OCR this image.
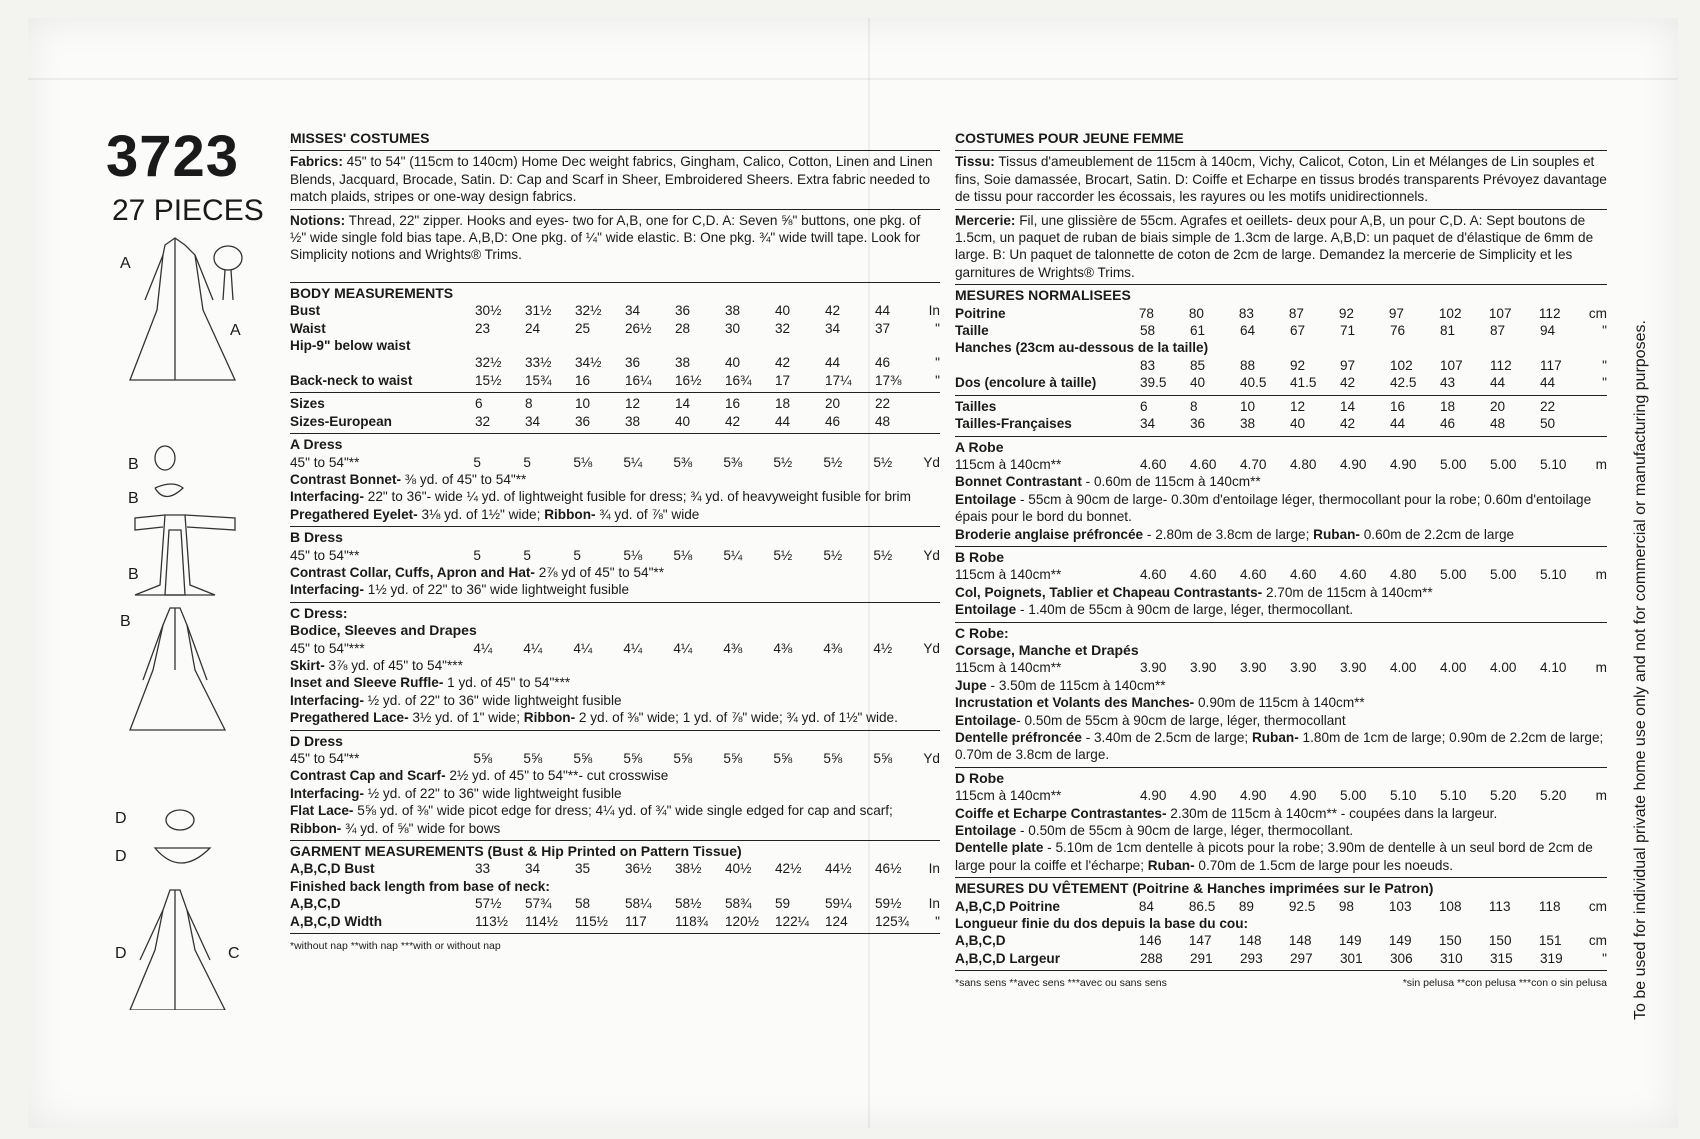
3723
27 PIECES
A
A
B
B
B
B
D
D
D	C
MISSES' COSTUMES

Fabrics: 45" to 54" (115cm to 140cm) Home Dec weight fabrics, Gingham, Calico, Cotton, Linen and Linen Blends, Jacquard, Brocade, Satin. D: Cap and Scarf in Sheer, Embroidered Sheers. Extra fabric needed to match plaids, stripes or one-way design fabrics.

Notions: Thread, 22" zipper. Hooks and eyes- two for A,B, one for C,D. A: Seven ⅝" buttons, one pkg. of ½" wide single fold bias tape. A,B,D: One pkg. of ¼" wide elastic. B: One pkg. ¾" wide twill tape. Look for Simplicity notions and Wrights® Trims.

BODY MEASUREMENTS
Bust	30½	31½	32½	34	36	38	40	42	44	In
Waist	23	24	25	26½	28	30	32	34	37	"
Hip-9" below waist
32½	33½	34½	36	38	40	42	44	46	"
Back-neck to waist	15½	15¾	16	16¼	16½	16¾	17	17¼	17⅜	"
Sizes	6	8	10	12	14	16	18	20	22
Sizes-European	32	34	36	38	40	42	44	46	48
A Dress
45" to 54"**	5	5	5⅛	5¼	5⅜	5⅜	5½	5½	5½	Yd
Contrast Bonnet- ⅜ yd. of 45" to 54"**
Interfacing- 22" to 36"- wide ¼ yd. of lightweight fusible for dress; ¾ yd. of heavyweight fusible for brim
Pregathered Eyelet- 3⅛ yd. of 1½" wide; Ribbon- ¾ yd. of ⅞" wide
B Dress
45" to 54"**	5	5	5	5⅛	5⅛	5¼	5½	5½	5½	Yd
Contrast Collar, Cuffs, Apron and Hat- 2⅞ yd of 45" to 54"**
Interfacing- 1½ yd. of 22" to 36" wide lightweight fusible
C Dress:
Bodice, Sleeves and Drapes
45" to 54"***	4¼	4¼	4¼	4¼	4¼	4⅜	4⅜	4⅜	4½	Yd
Skirt- 3⅞ yd. of 45" to 54"***
Inset and Sleeve Ruffle- 1 yd. of 45" to 54"***
Interfacing- ½ yd. of 22" to 36" wide lightweight fusible
Pregathered Lace- 3½ yd. of 1" wide; Ribbon- 2 yd. of ⅜" wide; 1 yd. of ⅞" wide; ¾ yd. of 1½" wide.
D Dress
45" to 54"**	5⅝	5⅝	5⅝	5⅝	5⅝	5⅝	5⅝	5⅝	5⅝	Yd
Contrast Cap and Scarf- 2½ yd. of 45" to 54"**- cut crosswise
Interfacing- ½ yd. of 22" to 36" wide lightweight fusible
Flat Lace- 5⅝ yd. of ⅜" wide picot edge for dress; 4¼ yd. of ¾" wide single edged for cap and scarf; Ribbon- ¾ yd. of ⅝" wide for bows
GARMENT MEASUREMENTS (Bust & Hip Printed on Pattern Tissue)
A,B,C,D Bust	33	34	35	36½	38½	40½	42½	44½	46½	In
Finished back length from base of neck:
A,B,C,D	57½	57¾	58	58¼	58½	58¾	59	59¼	59½	In
A,B,C,D Width	113½	114½	115½	117	118¾	120½	122¼	124	125¾	"
*without nap **with nap ***with or without nap
COSTUMES POUR JEUNE FEMME

Tissu: Tissus d'ameublement de 115cm à 140cm, Vichy, Calicot, Coton, Lin et Mélanges de Lin souples et fins, Soie damassée, Brocart, Satin. D: Coiffe et Echarpe en tissus brodés transparents Prévoyez davantage de tissu pour raccorder les écossais, les rayures ou les motifs unidirectionnels.

Mercerie: Fil, une glissière de 55cm. Agrafes et oeillets- deux pour A,B, un pour C,D. A: Sept boutons de 1.5cm, un paquet de ruban de biais simple de 1.3cm de large. A,B,D: un paquet de d'élastique de 6mm de large. B: Un paquet de talonnette de coton de 2cm de large. Demandez la mercerie de Simplicity et les garnitures de Wrights® Trims.

MESURES NORMALISEES
Poitrine	78	80	83	87	92	97	102	107	112	cm
Taille	58	61	64	67	71	76	81	87	94	"
Hanches (23cm au-dessous de la taille)
83	85	88	92	97	102	107	112	117	"
Dos (encolure à taille)	39.5	40	40.5	41.5	42	42.5	43	44	44	"
Tailles	6	8	10	12	14	16	18	20	22
Tailles-Françaises	34	36	38	40	42	44	46	48	50
A Robe
115cm à 140cm**	4.60	4.60	4.70	4.80	4.90	4.90	5.00	5.00	5.10	m
Bonnet Contrastant - 0.60m de 115cm à 140cm**
Entoilage - 55cm à 90cm de large- 0.30m d'entoilage léger, thermocollant pour la robe; 0.60m d'entoilage épais pour le bord du bonnet.
Broderie anglaise préfroncée - 2.80m de 3.8cm de large; Ruban- 0.60m de 2.2cm de large
B Robe
115cm à 140cm**	4.60	4.60	4.60	4.60	4.60	4.80	5.00	5.00	5.10	m
Col, Poignets, Tablier et Chapeau Contrastants- 2.70m de 115cm à 140cm**
Entoilage - 1.40m de 55cm à 90cm de large, léger, thermocollant.
C Robe:
Corsage, Manche et Drapés
115cm à 140cm**	3.90	3.90	3.90	3.90	3.90	4.00	4.00	4.00	4.10	m
Jupe - 3.50m de 115cm à 140cm**
Incrustation et Volants des Manches- 0.90m de 115cm à 140cm**
Entoilage- 0.50m de 55cm à 90cm de large, léger, thermocollant
Dentelle préfroncée - 3.40m de 2.5cm de large; Ruban- 1.80m de 1cm de large; 0.90m de 2.2cm de large; 0.70m de 3.8cm de large.
D Robe
115cm à 140cm**	4.90	4.90	4.90	4.90	5.00	5.10	5.10	5.20	5.20	m
Coiffe et Echarpe Contrastantes- 2.30m de 115cm à 140cm** - coupées dans la largeur.
Entoilage - 0.50m de 55cm à 90cm de large, léger, thermocollant.
Dentelle plate - 5.10m de 1cm dentelle à picots pour la robe; 3.90m de dentelle à un seul bord de 2cm de large pour la coiffe et l'écharpe; Ruban- 0.70m de 1.5cm de large pour les noeuds.
MESURES DU VÊTEMENT (Poitrine & Hanches imprimées sur le Patron)
A,B,C,D Poitrine	84	86.5	89	92.5	98	103	108	113	118	cm
Longueur finie du dos depuis la base du cou:
A,B,C,D	146	147	148	148	149	149	150	150	151	cm
A,B,C,D Largeur	288	291	293	297	301	306	310	315	319	"
*sans sens **avec sens ***avec ou sans sens	*sin pelusa **con pelusa ***con o sin pelusa To be used for individual private home use only and not for commercial or manufacturing purposes.
